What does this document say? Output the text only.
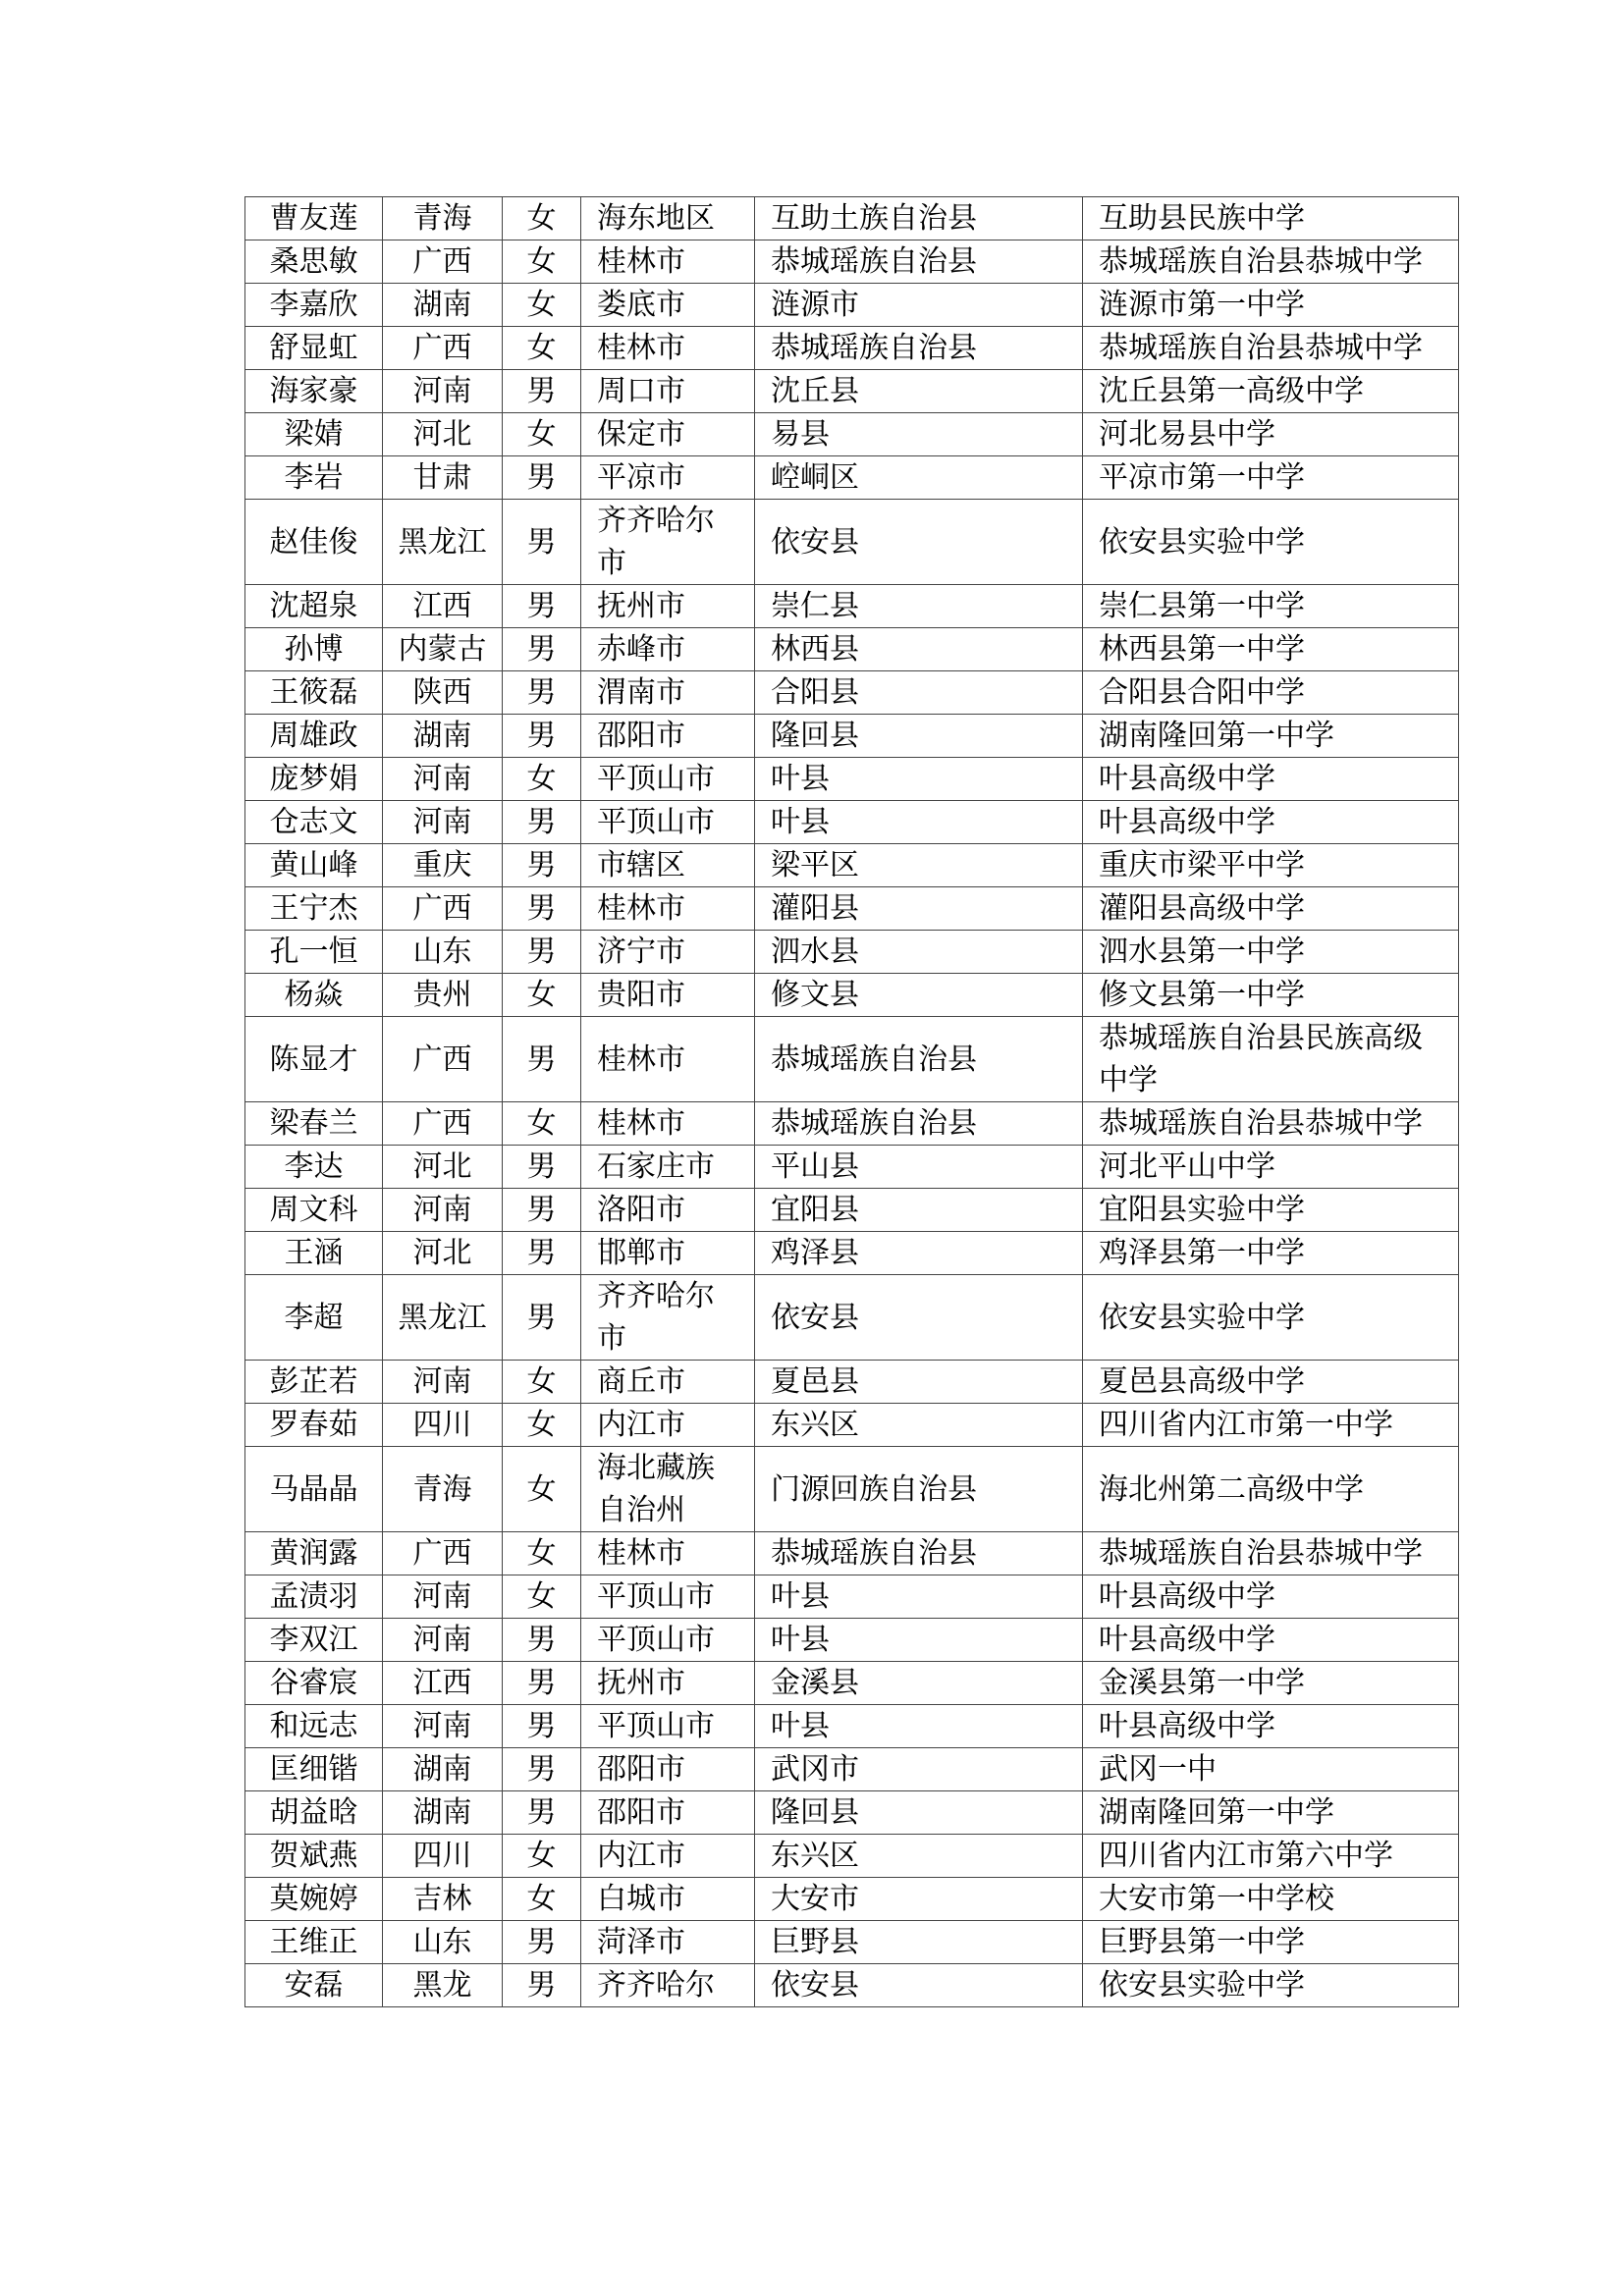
曹友莲	青海	女	海东地区	互助土族自治县	互助县民族中学
桑思敏	广西	女	桂林市	恭城瑶族自治县	恭城瑶族自治县恭城中学
李嘉欣	湖南	女	娄底市	涟源市	涟源市第一中学
舒显虹	广西	女	桂林市	恭城瑶族自治县	恭城瑶族自治县恭城中学
海家豪	河南	男	周口市	沈丘县	沈丘县第一高级中学
梁婧	河北	女	保定市	易县	河北易县中学
李岩	甘肃	男	平凉市	崆峒区	平凉市第一中学
赵佳俊	黑龙江	男	齐齐哈尔市	依安县	依安县实验中学
沈超泉	江西	男	抚州市	崇仁县	崇仁县第一中学
孙博	内蒙古	男	赤峰市	林西县	林西县第一中学
王筱磊	陕西	男	渭南市	合阳县	合阳县合阳中学
周雄政	湖南	男	邵阳市	隆回县	湖南隆回第一中学
庞梦娟	河南	女	平顶山市	叶县	叶县高级中学
仓志文	河南	男	平顶山市	叶县	叶县高级中学
黄山峰	重庆	男	市辖区	梁平区	重庆市梁平中学
王宁杰	广西	男	桂林市	灌阳县	灌阳县高级中学
孔一恒	山东	男	济宁市	泗水县	泗水县第一中学
杨焱	贵州	女	贵阳市	修文县	修文县第一中学
陈显才	广西	男	桂林市	恭城瑶族自治县	恭城瑶族自治县民族高级中学
梁春兰	广西	女	桂林市	恭城瑶族自治县	恭城瑶族自治县恭城中学
李达	河北	男	石家庄市	平山县	河北平山中学
周文科	河南	男	洛阳市	宜阳县	宜阳县实验中学
王涵	河北	男	邯郸市	鸡泽县	鸡泽县第一中学
李超	黑龙江	男	齐齐哈尔市	依安县	依安县实验中学
彭芷若	河南	女	商丘市	夏邑县	夏邑县高级中学
罗春茹	四川	女	内江市	东兴区	四川省内江市第一中学
马晶晶	青海	女	海北藏族自治州	门源回族自治县	海北州第二高级中学
黄润露	广西	女	桂林市	恭城瑶族自治县	恭城瑶族自治县恭城中学
孟渍羽	河南	女	平顶山市	叶县	叶县高级中学
李双江	河南	男	平顶山市	叶县	叶县高级中学
谷睿宸	江西	男	抚州市	金溪县	金溪县第一中学
和远志	河南	男	平顶山市	叶县	叶县高级中学
匡细锴	湖南	男	邵阳市	武冈市	武冈一中
胡益晗	湖南	男	邵阳市	隆回县	湖南隆回第一中学
贺斌燕	四川	女	内江市	东兴区	四川省内江市第六中学
莫婉婷	吉林	女	白城市	大安市	大安市第一中学校
王维正	山东	男	菏泽市	巨野县	巨野县第一中学
安磊	黑龙	男	齐齐哈尔	依安县	依安县实验中学
